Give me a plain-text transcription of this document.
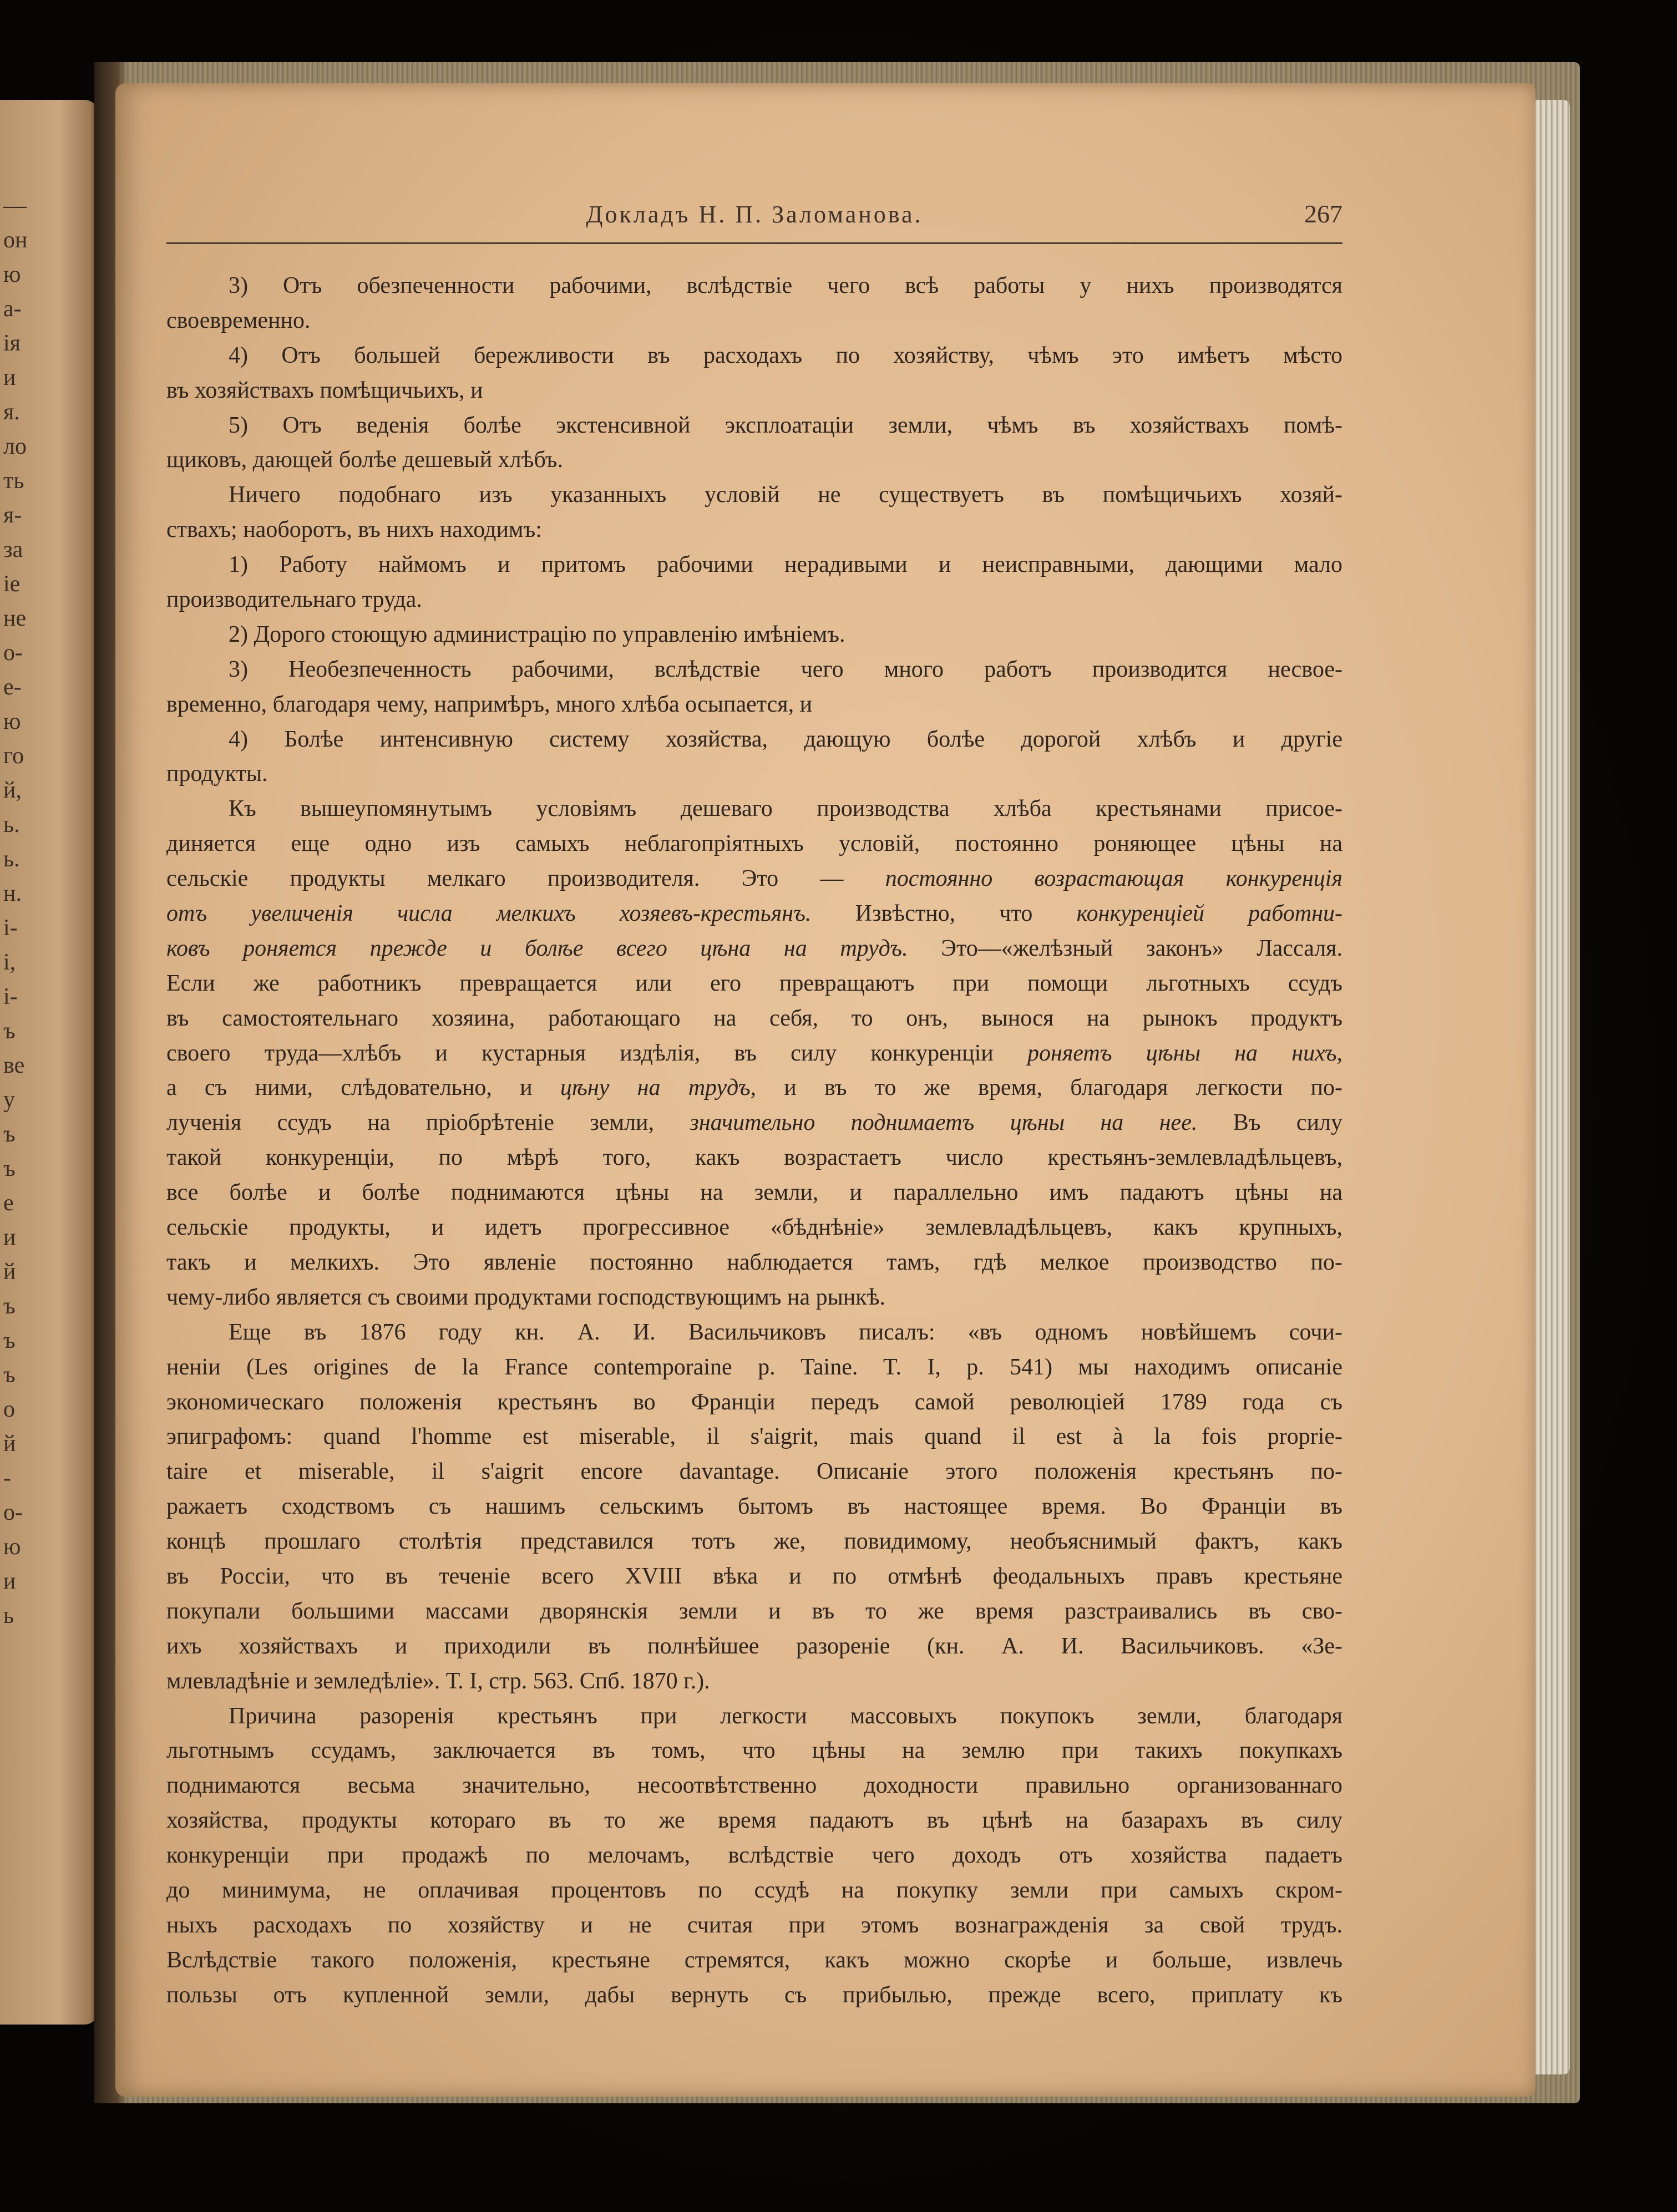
—
он
ю
а-
ія
и
я.
ло
ть
я-
за
іе
не
о-
е-
ю
го
й,
ь.
ь.
н.
і-
і,
і-
ъ
ве
у
ъ
ъ
е
и
й
ъ
ъ
ъ
о
й
-
о-
ю
и
ь
Докладъ Н. П. Заломанова.	267
3) Отъ обезпеченности рабочими, вслѣдствіе чего всѣ работы у нихъ производятся
своевременно.
4) Отъ большей бережливости въ расходахъ по хозяйству, чѣмъ это имѣетъ мѣсто
въ хозяйствахъ помѣщичьихъ, и
5) Отъ веденія болѣе экстенсивной эксплоатаціи земли, чѣмъ въ хозяйствахъ помѣ-
щиковъ, дающей болѣе дешевый хлѣбъ.
Ничего подобнаго изъ указанныхъ условій не существуетъ въ помѣщичьихъ хозяй-
ствахъ; наоборотъ, въ нихъ находимъ:
1) Работу наймомъ и притомъ рабочими нерадивыми и неисправными, дающими мало
производительнаго труда.
2) Дорого стоющую администрацію по управленію имѣніемъ.
3) Необезпеченность рабочими, вслѣдствіе чего много работъ производится несвое-
временно, благодаря чему, напримѣръ, много хлѣба осыпается, и
4) Болѣе интенсивную систему хозяйства, дающую болѣе дорогой хлѣбъ и другіе
продукты.
Къ вышеупомянутымъ условіямъ дешеваго производства хлѣба крестьянами присое-
диняется еще одно изъ самыхъ неблагопріятныхъ условій, постоянно роняющее цѣны на
сельскіе продукты мелкаго производителя. Это — постоянно возрастающая конкуренція
отъ увеличенія числа мелкихъ хозяевъ-крестьянъ. Извѣстно, что конкуренціей работни-
ковъ роняется прежде и болѣе всего цѣна на трудъ. Это—«желѣзный законъ» Лассаля.
Если же работникъ превращается или его превращаютъ при помощи льготныхъ ссудъ
въ самостоятельнаго хозяина, работающаго на себя, то онъ, вынося на рынокъ продуктъ
своего труда—хлѣбъ и кустарныя издѣлія, въ силу конкуренціи роняетъ цѣны на нихъ,
а съ ними, слѣдовательно, и цѣну на трудъ, и въ то же время, благодаря легкости по-
лученія ссудъ на пріобрѣтеніе земли, значительно поднимаетъ цѣны на нее. Въ силу
такой конкуренціи, по мѣрѣ того, какъ возрастаетъ число крестьянъ-землевладѣльцевъ,
все болѣе и болѣе поднимаются цѣны на земли, и параллельно имъ падаютъ цѣны на
сельскіе продукты, и идетъ прогрессивное «бѣднѣніе» землевладѣльцевъ, какъ крупныхъ,
такъ и мелкихъ. Это явленіе постоянно наблюдается тамъ, гдѣ мелкое производство по-
чему-либо является съ своими продуктами господствующимъ на рынкѣ.
Еще въ 1876 году кн. А. И. Васильчиковъ писалъ: «въ одномъ новѣйшемъ сочи-
неніи (Les origines de la France contemporaine p. Taine. T. I, p. 541) мы находимъ описаніе
экономическаго положенія крестьянъ во Франціи передъ самой революціей 1789 года съ
эпиграфомъ: quand l'homme est miserable, il s'aigrit, mais quand il est à la fois proprie-
taire et miserable, il s'aigrit encore davantage. Описаніе этого положенія крестьянъ по-
ражаетъ сходствомъ съ нашимъ сельскимъ бытомъ въ настоящее время. Во Франціи въ
концѣ прошлаго столѣтія представился тотъ же, повидимому, необъяснимый фактъ, какъ
въ Россіи, что въ теченіе всего XVIII вѣка и по отмѣнѣ феодальныхъ правъ крестьяне
покупали большими массами дворянскія земли и въ то же время разстраивались въ сво-
ихъ хозяйствахъ и приходили въ полнѣйшее разореніе (кн. А. И. Васильчиковъ. «Зе-
млевладѣніе и земледѣліе». Т. I, стр. 563. Спб. 1870 г.).
Причина разоренія крестьянъ при легкости массовыхъ покупокъ земли, благодаря
льготнымъ ссудамъ, заключается въ томъ, что цѣны на землю при такихъ покупкахъ
поднимаются весьма значительно, несоотвѣтственно доходности правильно организованнаго
хозяйства, продукты котораго въ то же время падаютъ въ цѣнѣ на базарахъ въ силу
конкуренціи при продажѣ по мелочамъ, вслѣдствіе чего доходъ отъ хозяйства падаетъ
до минимума, не оплачивая процентовъ по ссудѣ на покупку земли при самыхъ скром-
ныхъ расходахъ по хозяйству и не считая при этомъ вознагражденія за свой трудъ.
Вслѣдствіе такого положенія, крестьяне стремятся, какъ можно скорѣе и больше, извлечь
пользы отъ купленной земли, дабы вернуть съ прибылью, прежде всего, приплату къ
